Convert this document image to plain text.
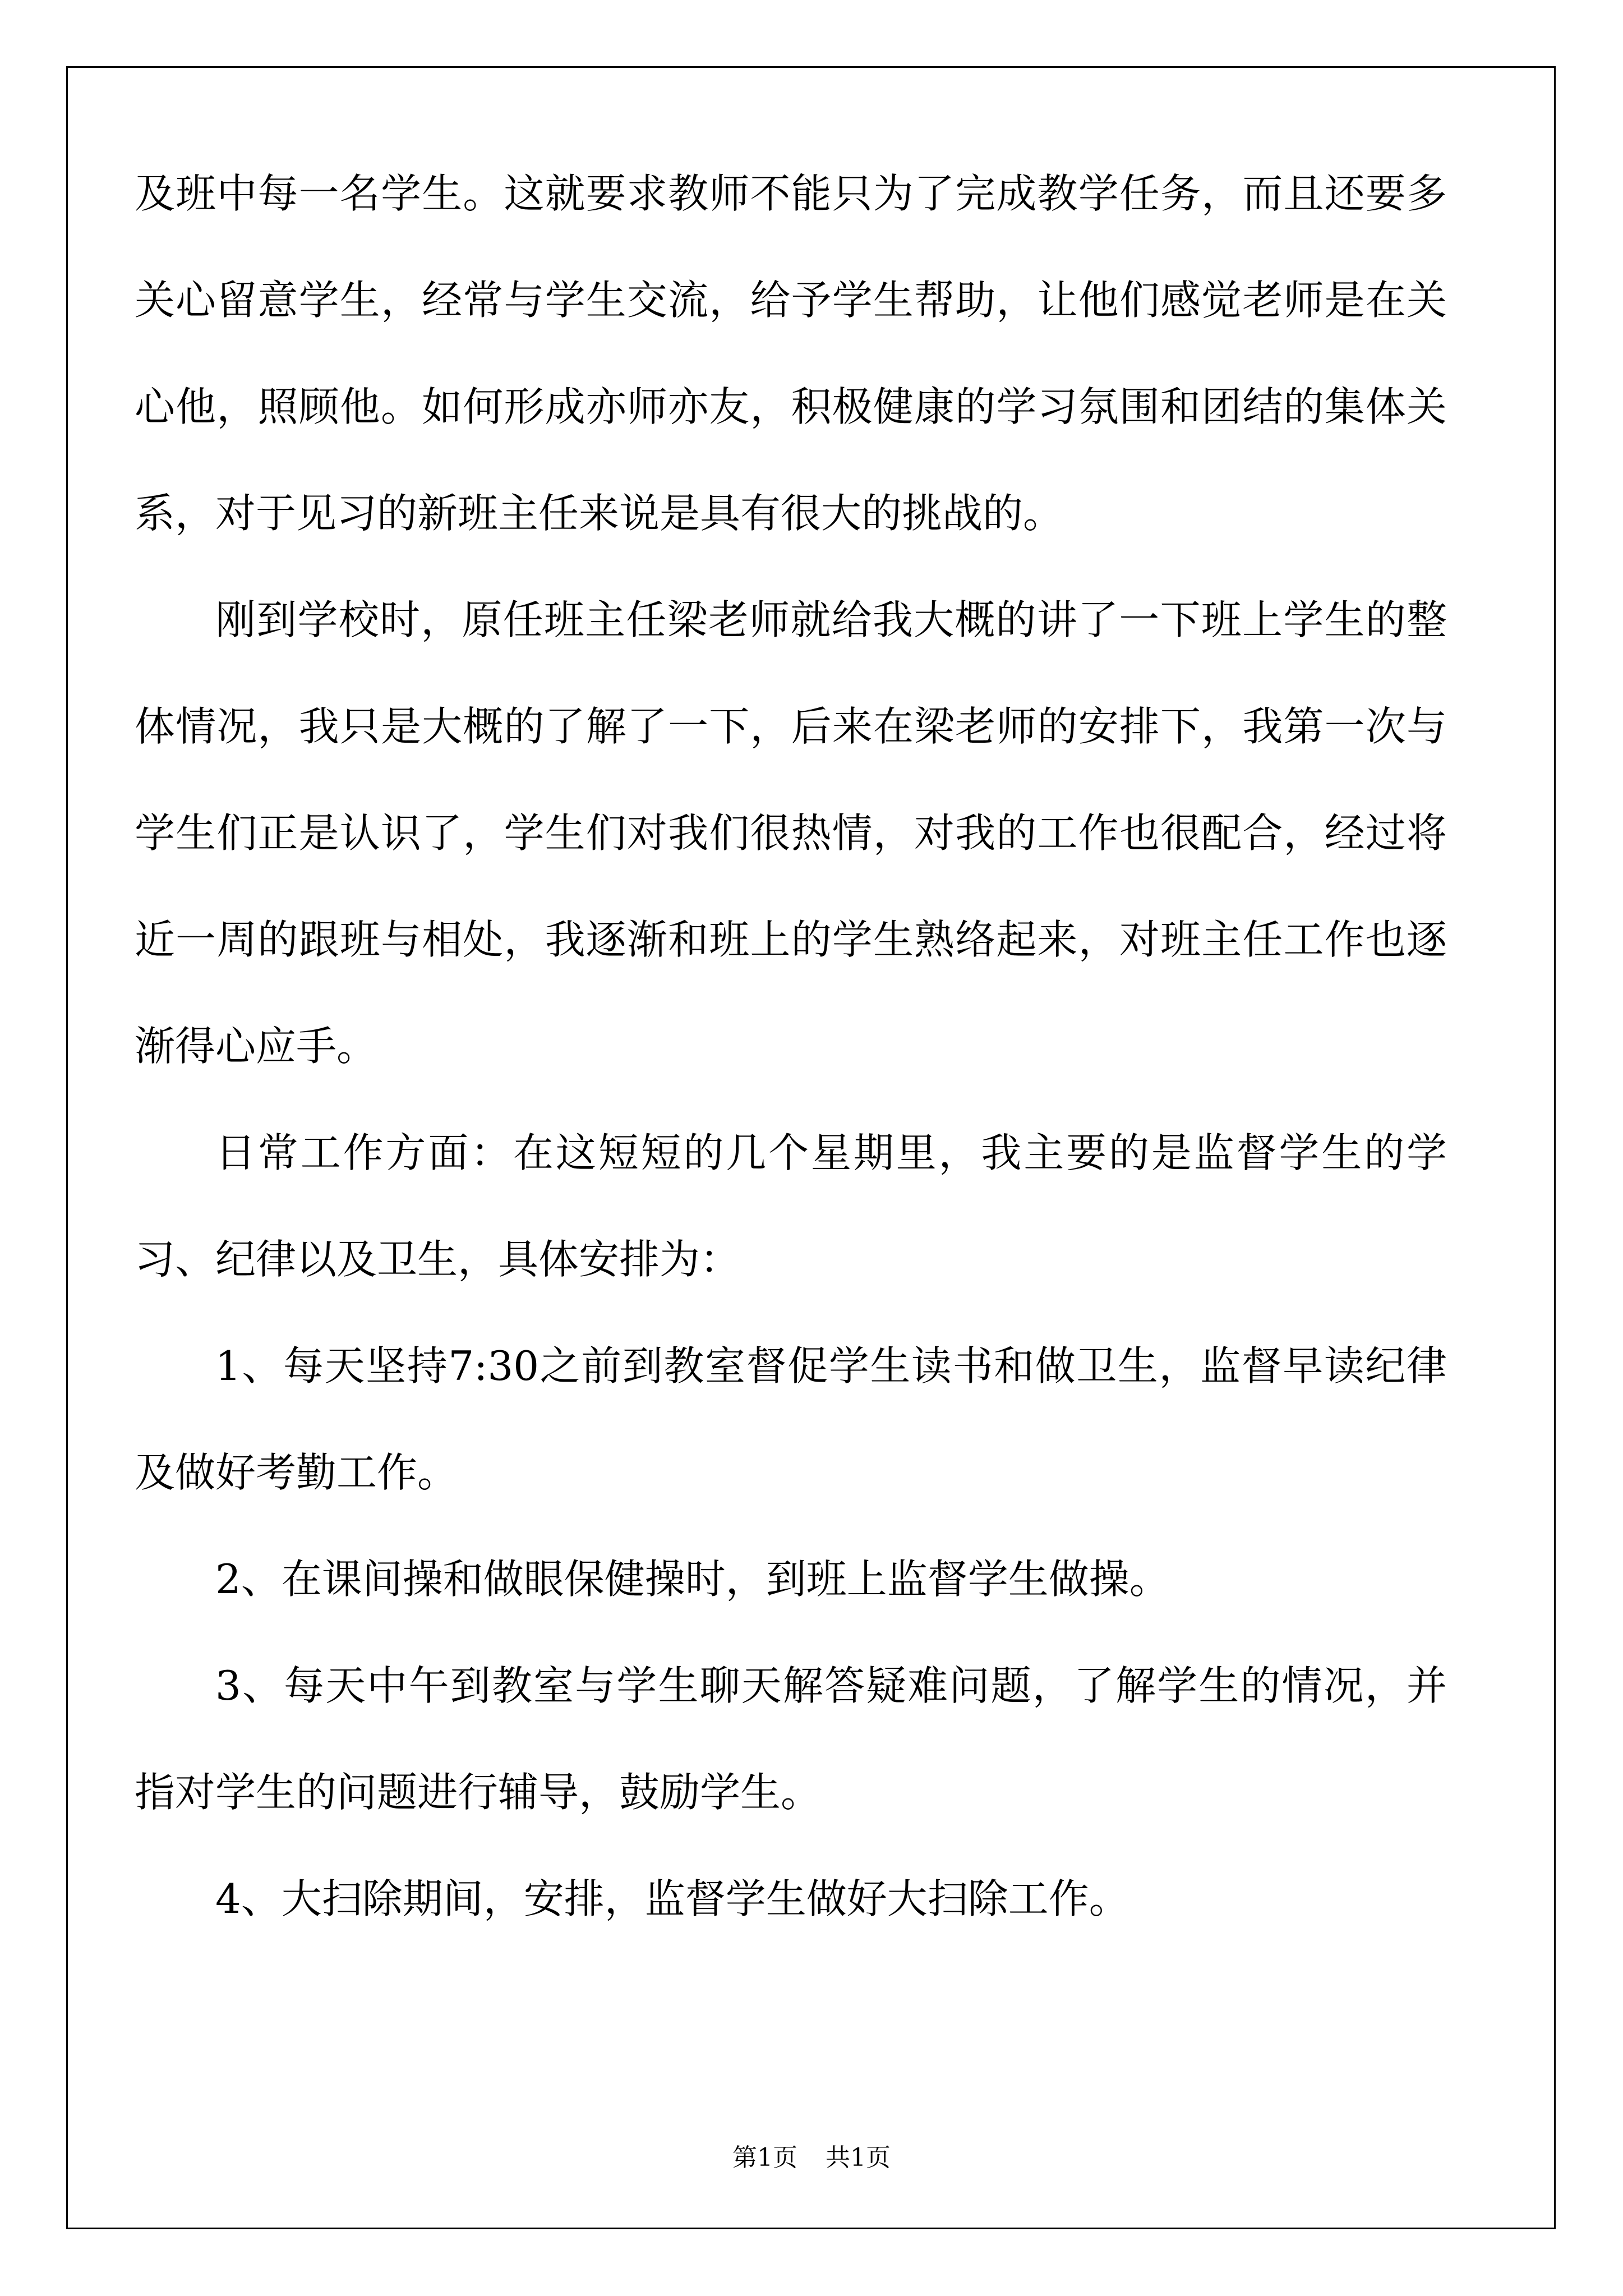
及班中每一名学生。这就要求教师不能只为了完成教学任务，而且还要多关心留意学生，经常与学生交流，给予学生帮助，让他们感觉老师是在关心他，照顾他。如何形成亦师亦友，积极健康的学习氛围和团结的集体关系，对于见习的新班主任来说是具有很大的挑战的。

刚到学校时，原任班主任梁老师就给我大概的讲了一下班上学生的整体情况，我只是大概的了解了一下，后来在梁老师的安排下，我第一次与学生们正是认识了，学生们对我们很热情，对我的工作也很配合，经过将近一周的跟班与相处，我逐渐和班上的学生熟络起来，对班主任工作也逐渐得心应手。

日常工作方面：在这短短的几个星期里，我主要的是监督学生的学习、纪律以及卫生，具体安排为：

1、每天坚持7:30之前到教室督促学生读书和做卫生，监督早读纪律及做好考勤工作。

2、在课间操和做眼保健操时，到班上监督学生做操。

3、每天中午到教室与学生聊天解答疑难问题，了解学生的情况，并指对学生的问题进行辅导，鼓励学生。

4、大扫除期间，安排，监督学生做好大扫除工作。

第1页 共1页
